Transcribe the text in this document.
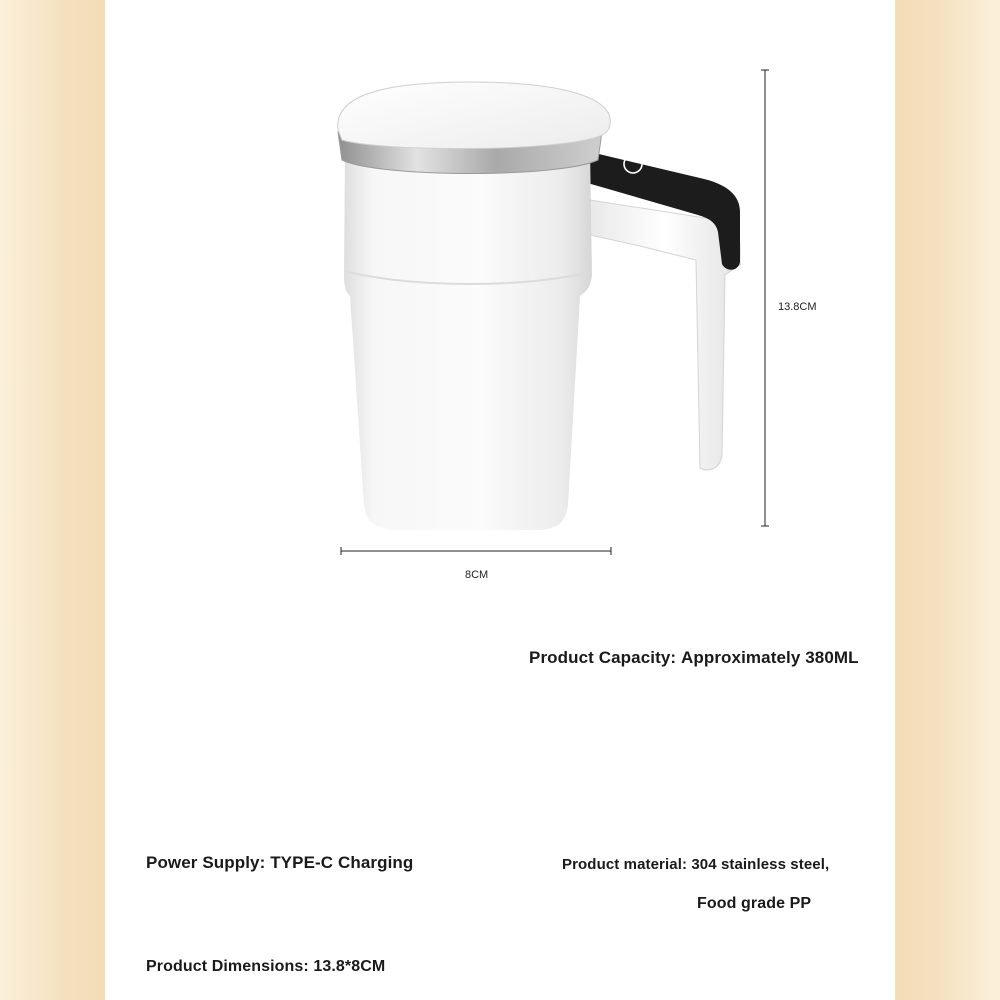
13.8CM
8CM
Product Capacity: Approximately 380ML
Power Supply: TYPE-C Charging	Product material: 304 stainless steel,
Food grade PP
Product Dimensions: 13.8*8CM
